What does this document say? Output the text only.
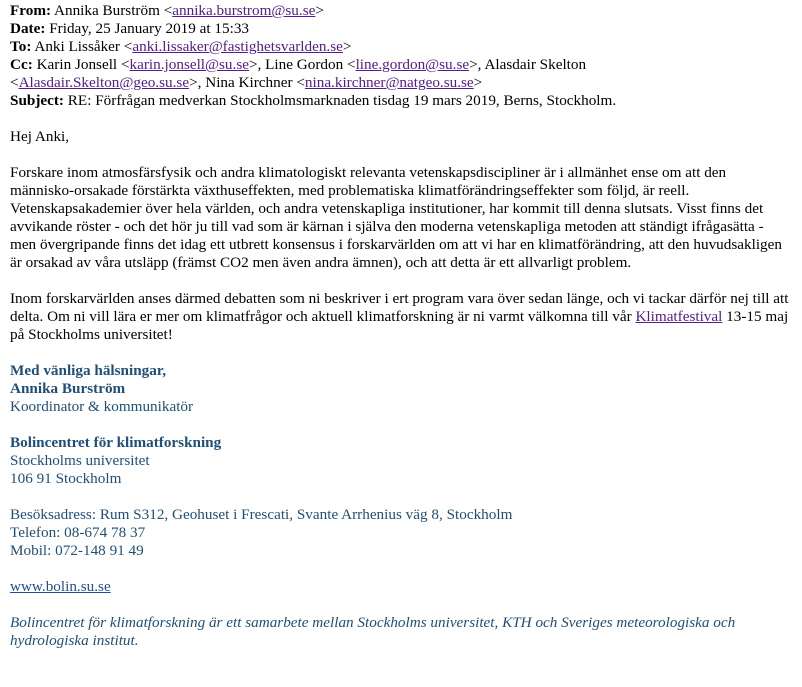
From: Annika Burström <annika.burstrom@su.se>
Date: Friday, 25 January 2019 at 15:33
To: Anki Lissåker <anki.lissaker@fastighetsvarlden.se>
Cc: Karin Jonsell <karin.jonsell@su.se>, Line Gordon <line.gordon@su.se>, Alasdair Skelton
<Alasdair.Skelton@geo.su.se>, Nina Kirchner <nina.kirchner@natgeo.su.se>
Subject: RE: Förfrågan medverkan Stockholmsmarknaden tisdag 19 mars 2019, Berns, Stockholm.

Hej Anki,

Forskare inom atmosfärsfysik och andra klimatologiskt relevanta vetenskapsdiscipliner är i allmänhet ense om att den människo-orsakade förstärkta växthuseffekten, med problematiska klimatförändringseffekter som följd, är reell. Vetenskapsakademier över hela världen, och andra vetenskapliga institutioner, har kommit till denna slutsats. Visst finns det avvikande röster - och det hör ju till vad som är kärnan i själva den moderna vetenskapliga metoden att ständigt ifrågasätta - men övergripande finns det idag ett utbrett konsensus i forskarvärlden om att vi har en klimatförändring, att den huvudsakligen är orsakad av våra utsläpp (främst CO2 men även andra ämnen), och att detta är ett allvarligt problem.

Inom forskarvärlden anses därmed debatten som ni beskriver i ert program vara över sedan länge, och vi tackar därför nej till att delta. Om ni vill lära er mer om klimatfrågor och aktuell klimatforskning är ni varmt välkomna till vår Klimatfestival 13-15 maj på Stockholms universitet!

Med vänliga hälsningar,
Annika Burström
Koordinator & kommunikatör
Bolincentret för klimatforskning
Stockholms universitet
106 91 Stockholm
Besöksadress: Rum S312, Geohuset i Frescati, Svante Arrhenius väg 8, Stockholm
Telefon: 08-674 78 37
Mobil: 072-148 91 49
www.bolin.su.se
Bolincentret för klimatforskning är ett samarbete mellan Stockholms universitet, KTH och Sveriges meteorologiska och hydrologiska institut.
